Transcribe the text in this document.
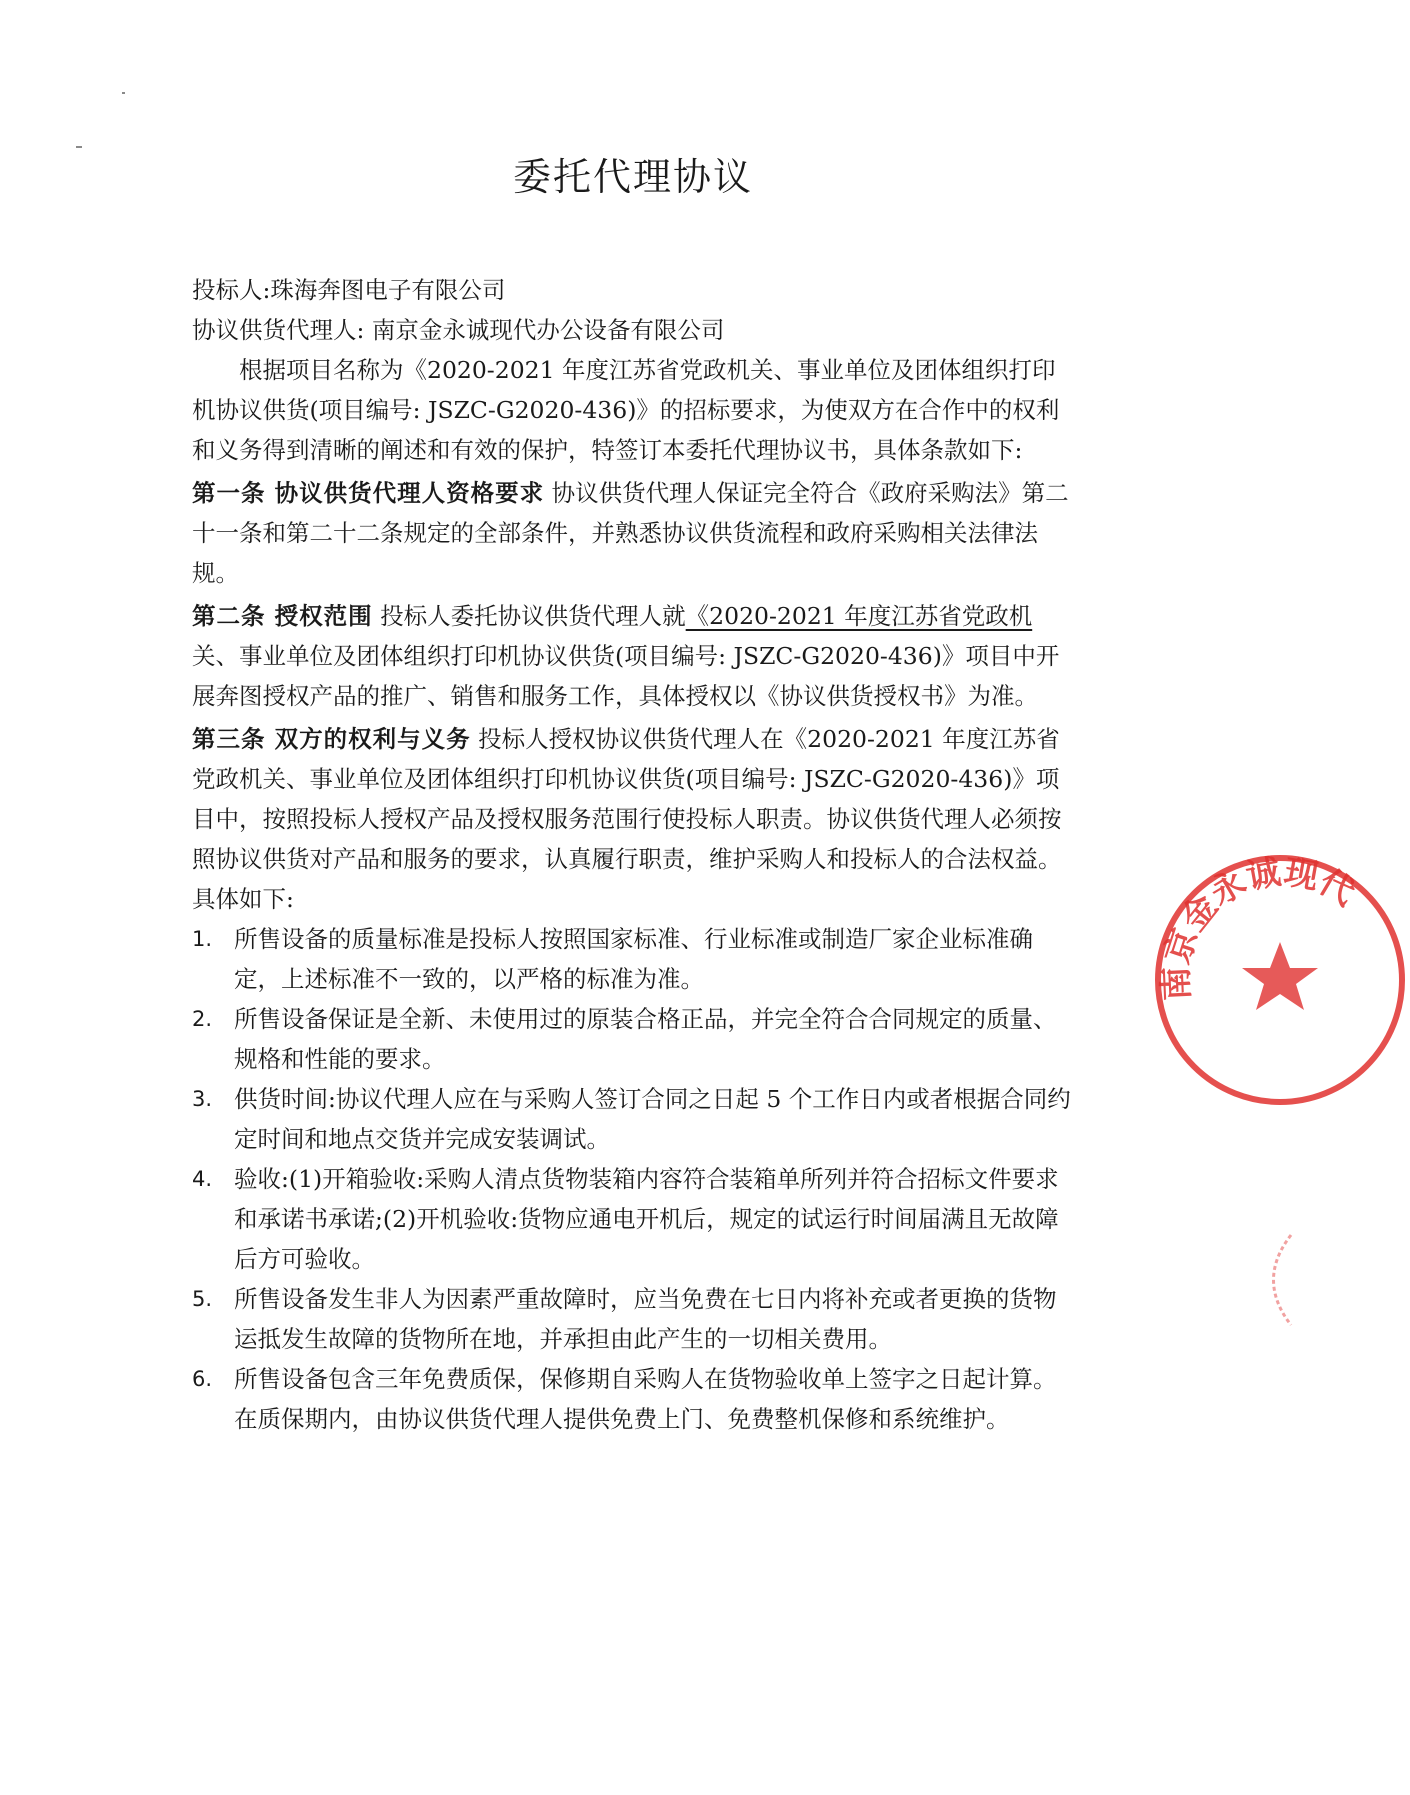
委托代理协议

投标人:珠海奔图电子有限公司

协议供货代理人: 南京金永诚现代办公设备有限公司

根据项目名称为《2020-2021 年度江苏省党政机关、事业单位及团体组织打印机协议供货(项目编号: JSZC-G2020-436)》的招标要求，为使双方在合作中的权利和义务得到清晰的阐述和有效的保护，特签订本委托代理协议书，具体条款如下:

第一条 协议供货代理人资格要求 协议供货代理人保证完全符合《政府采购法》第二十一条和第二十二条规定的全部条件，并熟悉协议供货流程和政府采购相关法律法规。

第二条 授权范围 投标人委托协议供货代理人就《2020-2021 年度江苏省党政机关、事业单位及团体组织打印机协议供货(项目编号: JSZC-G2020-436)》项目中开展奔图授权产品的推广、销售和服务工作，具体授权以《协议供货授权书》为准。

第三条 双方的权利与义务 投标人授权协议供货代理人在《2020-2021 年度江苏省党政机关、事业单位及团体组织打印机协议供货(项目编号: JSZC-G2020-436)》项目中，按照投标人授权产品及授权服务范围行使投标人职责。协议供货代理人必须按照协议供货对产品和服务的要求，认真履行职责，维护采购人和投标人的合法权益。具体如下:

1. 所售设备的质量标准是投标人按照国家标准、行业标准或制造厂家企业标准确定，上述标准不一致的，以严格的标准为准。
2. 所售设备保证是全新、未使用过的原装合格正品，并完全符合合同规定的质量、规格和性能的要求。
3. 供货时间:协议代理人应在与采购人签订合同之日起 5 个工作日内或者根据合同约定时间和地点交货并完成安装调试。
4. 验收:(1)开箱验收:采购人清点货物装箱内容符合装箱单所列并符合招标文件要求和承诺书承诺;(2)开机验收:货物应通电开机后，规定的试运行时间届满且无故障后方可验收。
5. 所售设备发生非人为因素严重故障时，应当免费在七日内将补充或者更换的货物运抵发生故障的货物所在地，并承担由此产生的一切相关费用。
6. 所售设备包含三年免费质保，保修期自采购人在货物验收单上签字之日起计算。在质保期内，由协议供货代理人提供免费上门、免费整机保修和系统维护。
南京金永诚现代
